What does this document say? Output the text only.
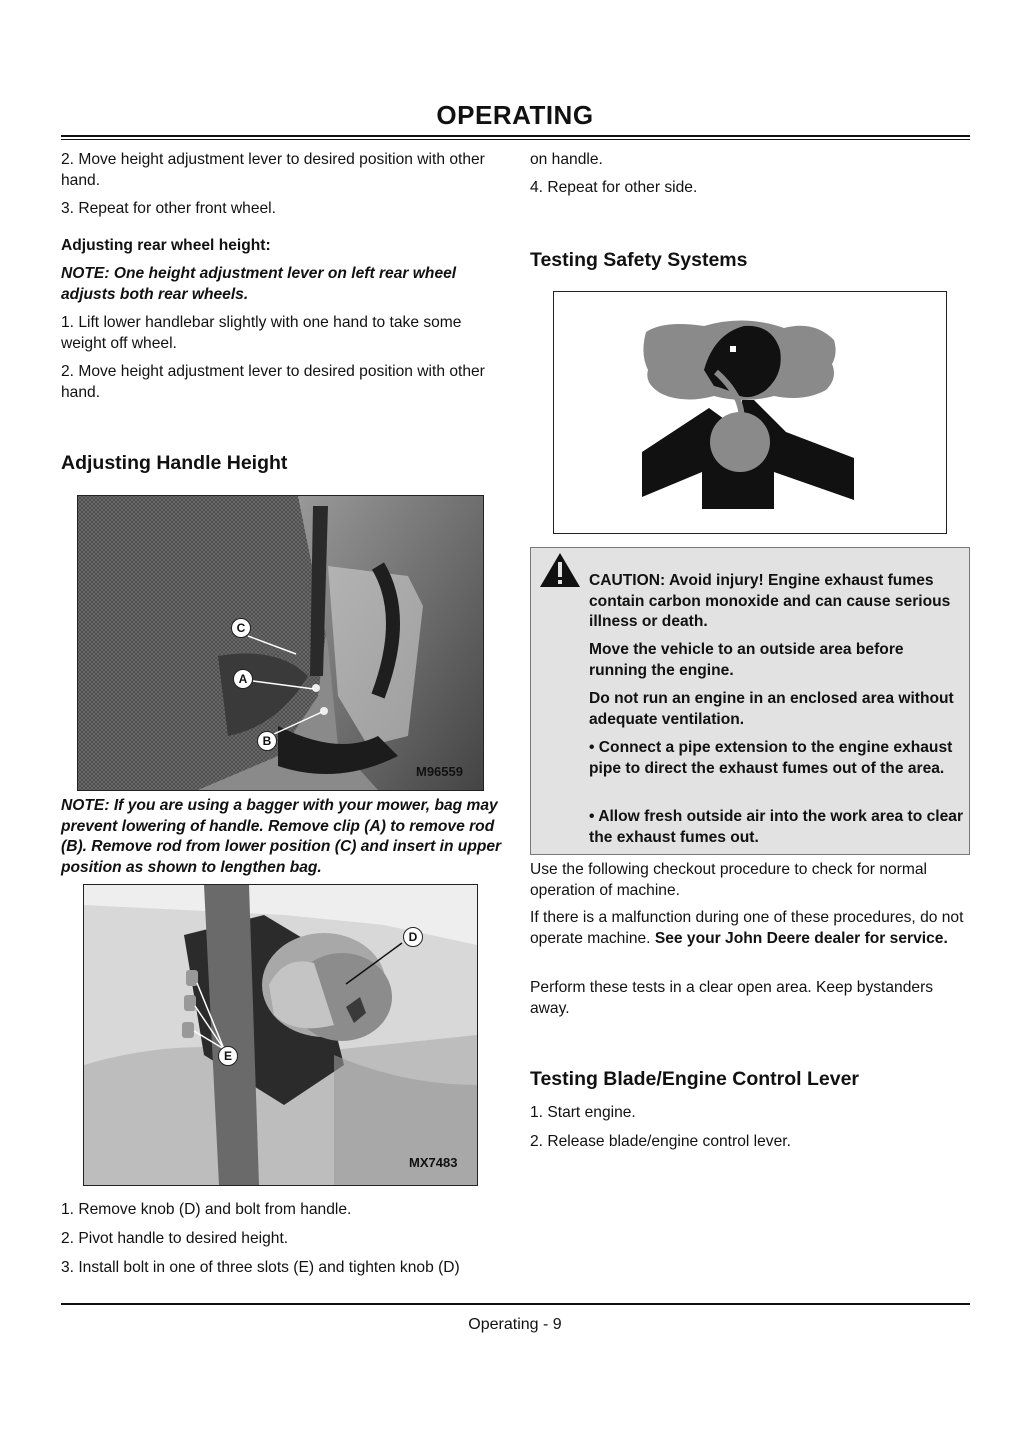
OPERATING
2. Move height adjustment lever to desired position with other hand.
3. Repeat for other front wheel.
Adjusting rear wheel height:
NOTE: One height adjustment lever on left rear wheel adjusts both rear wheels.
1. Lift lower handlebar slightly with one hand to take some weight off wheel.
2. Move height adjustment lever to desired position with other hand.
Adjusting Handle Height
C
A
B
M96559
NOTE: If you are using a bagger with your mower, bag may prevent lowering of handle. Remove clip (A) to remove rod (B). Remove rod from lower position (C) and insert in upper position as shown to lengthen bag.
D
E
MX7483
1. Remove knob (D) and bolt from handle.
2. Pivot handle to desired height.
3. Install bolt in one of three slots (E) and tighten knob (D)
on handle.
4. Repeat for other side.
Testing Safety Systems
CAUTION: Avoid injury! Engine exhaust fumes contain carbon monoxide and can cause serious illness or death.
Move the vehicle to an outside area before running the engine.
Do not run an engine in an enclosed area without adequate ventilation.
• Connect a pipe extension to the engine exhaust pipe to direct the exhaust fumes out of the area.
• Allow fresh outside air into the work area to clear the exhaust fumes out.
Use the following checkout procedure to check for normal operation of machine.
If there is a malfunction during one of these procedures, do not operate machine. See your John Deere dealer for service.
Perform these tests in a clear open area. Keep bystanders away.
Testing Blade/Engine Control Lever
1. Start engine.
2. Release blade/engine control lever.
Operating - 9
